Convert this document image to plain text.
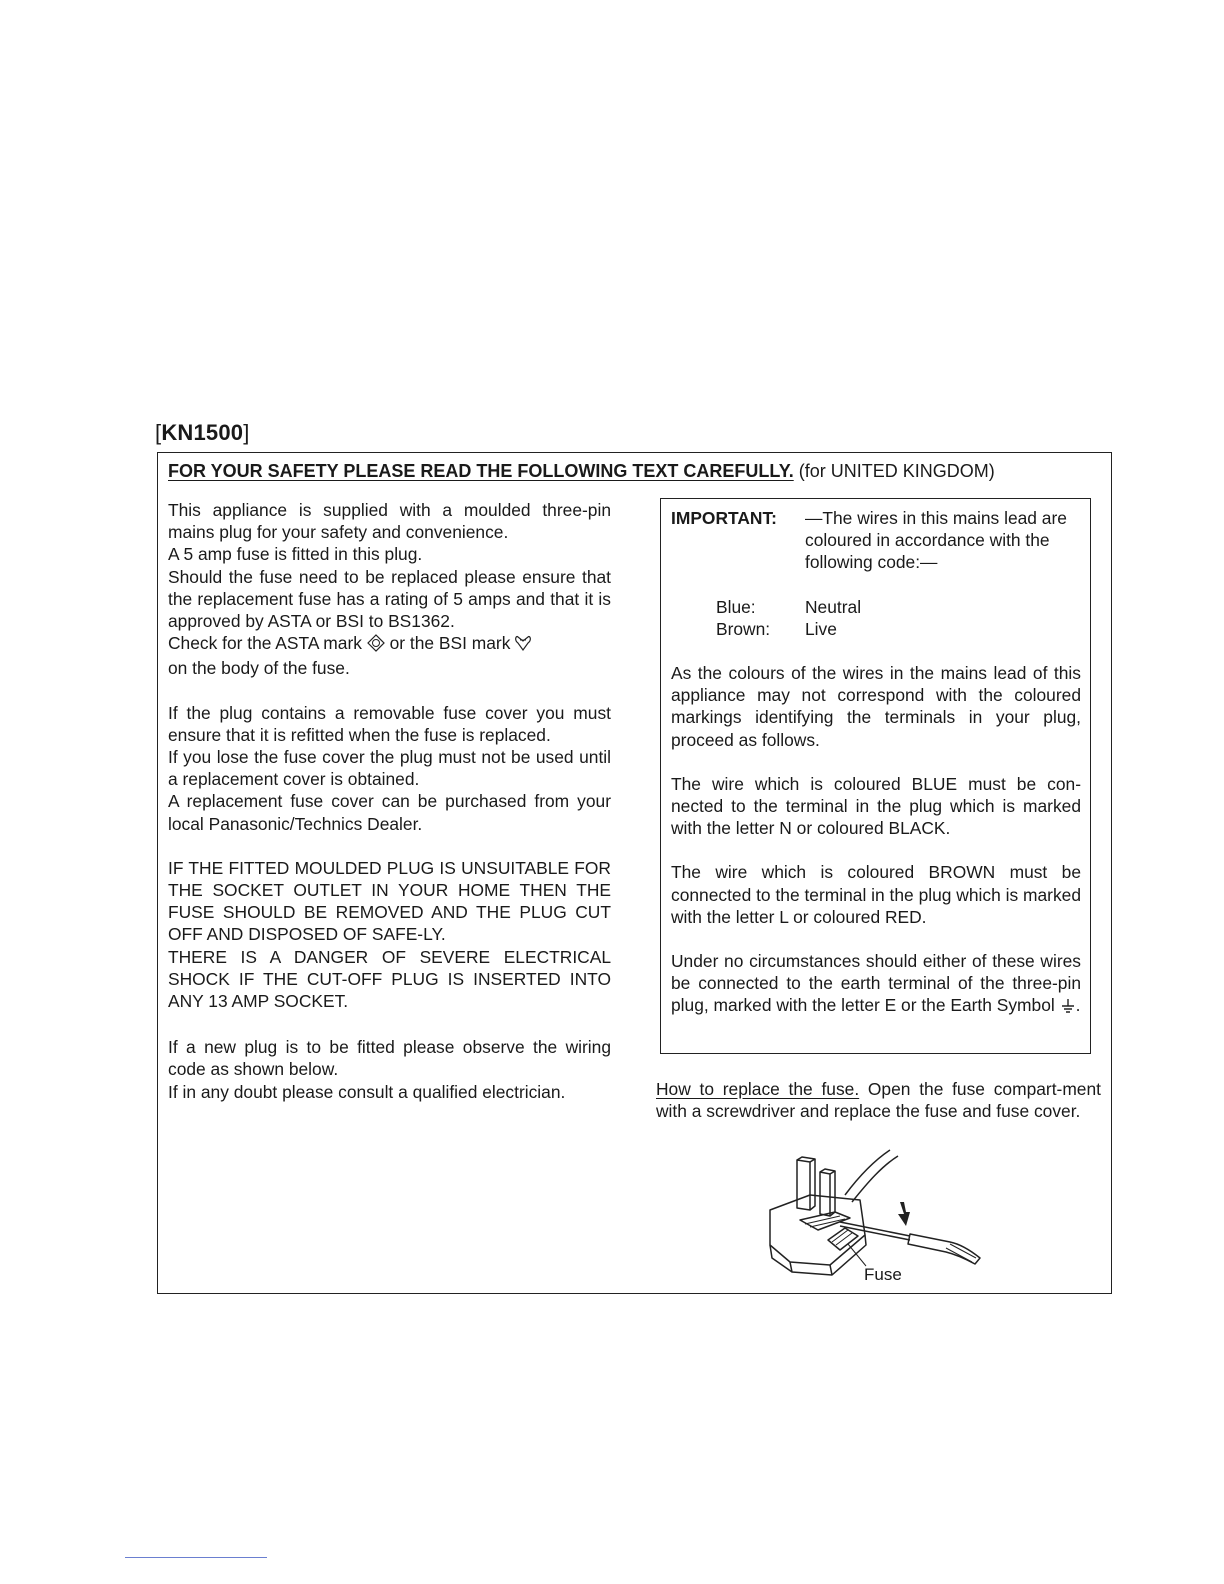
[KN1500]
FOR YOUR SAFETY PLEASE READ THE FOLLOWING TEXT CAREFULLY. (for UNITED KINGDOM)

This appliance is supplied with a moulded three-pin mains plug for your safety and convenience.

A 5 amp fuse is fitted in this plug.

Should the fuse need to be replaced please ensure that the replacement fuse has a rating of 5 amps and that it is approved by ASTA or BSI to BS1362.

Check for the ASTA mark  or the BSI mark

on the body of the fuse.

If the plug contains a removable fuse cover you must ensure that it is refitted when the fuse is replaced.

If you lose the fuse cover the plug must not be used until a replacement cover is obtained.

A replacement fuse cover can be purchased from your local Panasonic/Technics Dealer.

IF THE FITTED MOULDED PLUG IS UNSUITABLE FOR THE SOCKET OUTLET IN YOUR HOME THEN THE FUSE SHOULD BE REMOVED AND THE PLUG CUT OFF AND DISPOSED OF SAFE-LY.

THERE IS A DANGER OF SEVERE ELECTRICAL SHOCK IF THE CUT-OFF PLUG IS INSERTED INTO ANY 13 AMP SOCKET.

If a new plug is to be fitted please observe the wiring code as shown below.

If in any doubt please consult a qualified electrician.

IMPORTANT:	—The wires in this mains lead are coloured in accordance with the following code:—
Blue:	Neutral
Brown:	Live

As the colours of the wires in the mains lead of this appliance may not correspond with the coloured markings identifying the terminals in your plug, proceed as follows.

The wire which is coloured BLUE must be con-nected to the terminal in the plug which is marked with the letter N or coloured BLACK.

The wire which is coloured BROWN must be connected to the terminal in the plug which is marked with the letter L or coloured RED.

Under no circumstances should either of these wires be connected to the earth terminal of the three-pin plug, marked with the letter E or the Earth Symbol .

How to replace the fuse. Open the fuse compart-ment with a screwdriver and replace the fuse and fuse cover.
Fuse
